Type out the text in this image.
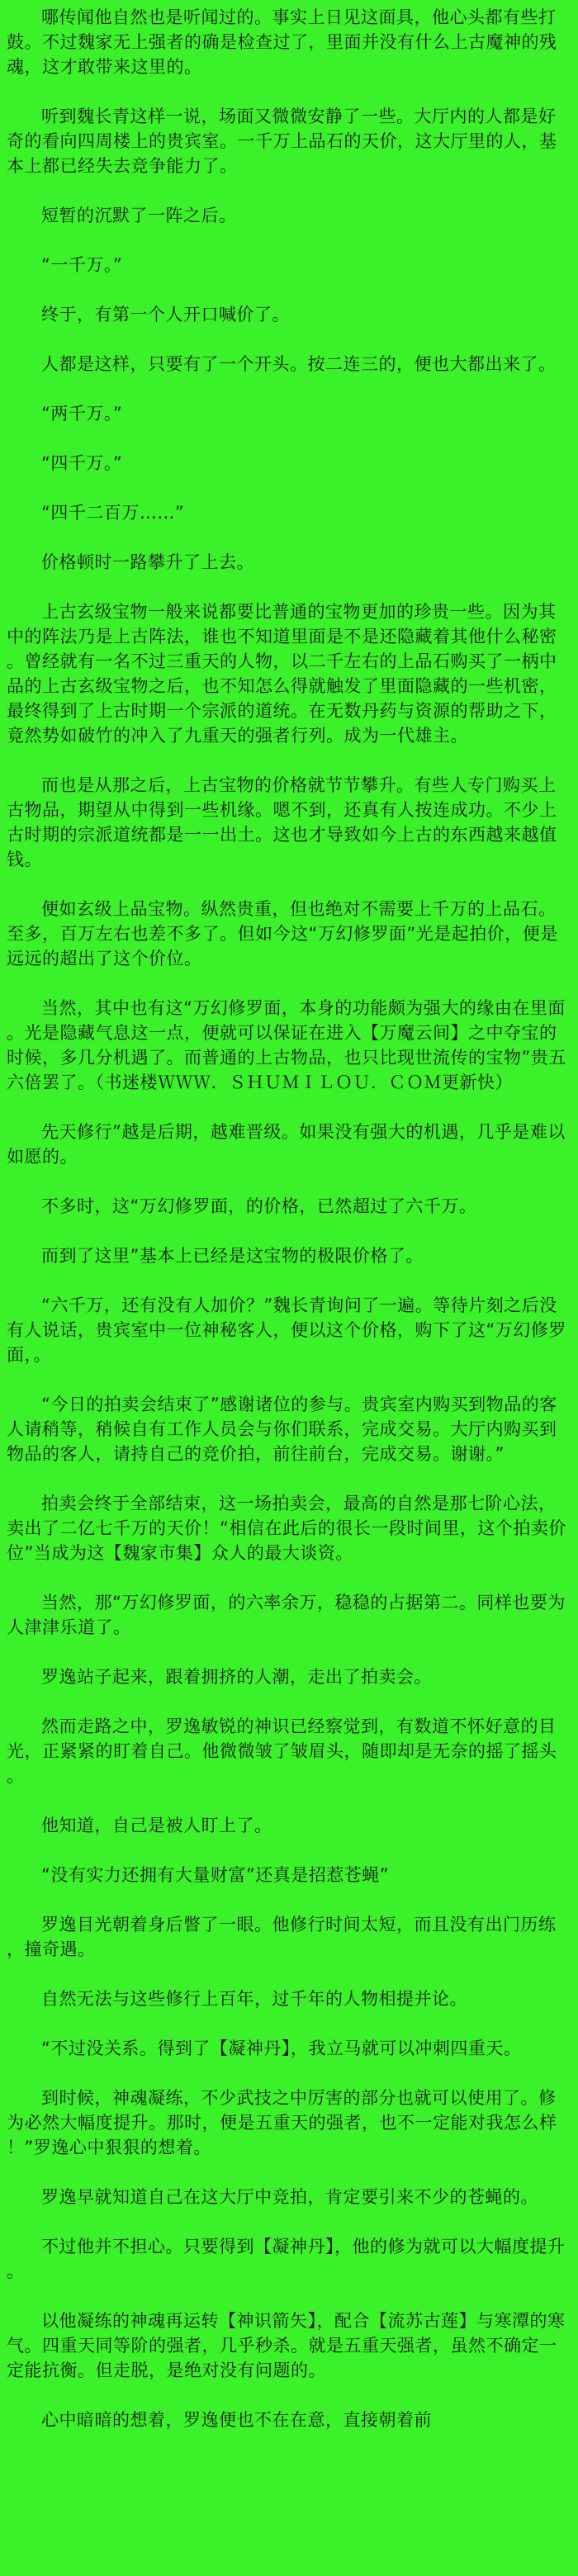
哪传闻他自然也是听闻过的。事实上日见这面具，他心头都有些打鼓。不过魏家无上强者的确是检查过了，里面并没有什么上古魔神的残魂，这才敢带来这里的。

听到魏长青这样一说，场面又微微安静了一些。大厅内的人都是好奇的看向四周楼上的贵宾室。一千万上品石的天价，这大厅里的人，基本上都已经失去竞争能力了。

短暂的沉默了一阵之后。

“一千万。”

终于，有第一个人开口喊价了。

人都是这样，只要有了一个开头。按二连三的，便也大都出来了。

“两千万。”

“四千万。”

“四千二百万……”

价格顿时一路攀升了上去。

上古玄级宝物一般来说都要比普通的宝物更加的珍贵一些。因为其中的阵法乃是上古阵法，谁也不知道里面是不是还隐藏着其他什么秘密。曾经就有一名不过三重天的人物，以二千左右的上品石购买了一柄中品的上古玄级宝物之后，也不知怎么得就触发了里面隐藏的一些机密，最终得到了上古时期一个宗派的道统。在无数丹药与资源的帮助之下，竟然势如破竹的冲入了九重天的强者行列。成为一代雄主。

而也是从那之后，上古宝物的价格就节节攀升。有些人专门购买上古物品，期望从中得到一些机缘。嗯不到，还真有人按连成功。不少上古时期的宗派道统都是一一出土。这也才导致如今上古的东西越来越值钱。

便如玄级上品宝物。纵然贵重，但也绝对不需要上千万的上品石。至多，百万左右也差不多了。但如今这“万幻修罗面”光是起拍价，便是远远的超出了这个价位。

当然，其中也有这“万幻修罗面，本身的功能颇为强大的缘由在里面。光是隐藏气息这一点，便就可以保证在进入【万魔云间】之中夺宝的时候，多几分机遇了。而普通的上古物品，也只比现世流传的宝物”贵五六倍罢了。（书迷楼ＷＷＷ．ＳＨＵＭＩＬＯＵ．ＣＯＭ更新快）

先天修行”越是后期，越难晋级。如果没有强大的机遇，几乎是难以如愿的。

不多时，这“万幻修罗面，的价格，已然超过了六千万。

而到了这里”基本上已经是这宝物的极限价格了。

“六千万，还有没有人加价？”魏长青询问了一遍。等待片刻之后没有人说话，贵宾室中一位神秘客人，便以这个价格，购下了这“万幻修罗面，。

“今日的拍卖会结束了”感谢诸位的参与。贵宾室内购买到物品的客人请稍等，稍候自有工作人员会与你们联系，完成交易。大厅内购买到物品的客人，请持自己的竞价拍，前往前台，完成交易。谢谢。”

拍卖会终于全部结束，这一场拍卖会，最高的自然是那七阶心法，卖出了二亿七千万的天价！“相信在此后的很长一段时间里，这个拍卖价位”当成为这【魏家市集】众人的最大谈资。

当然，那“万幻修罗面，的六率余万，稳稳的占据第二。同样也要为人津津乐道了。

罗逸站子起来，跟着拥挤的人潮，走出了拍卖会。

然而走路之中，罗逸敏锐的神识已经察觉到，有数道不怀好意的目光，正紧紧的盯着自己。他微微皱了皱眉头，随即却是无奈的摇了摇头。

他知道，自己是被人盯上了。

“没有实力还拥有大量财富”还真是招惹苍蝇”

罗逸目光朝着身后瞥了一眼。他修行时间太短，而且没有出门历练，撞奇遇。

自然无法与这些修行上百年，过千年的人物相提并论。

“不过没关系。得到了【凝神丹】，我立马就可以冲刺四重天。

到时候，神魂凝练，不少武技之中厉害的部分也就可以使用了。修为必然大幅度提升。那时，便是五重天的强者，也不一定能对我怎么样！”罗逸心中狠狠的想着。

罗逸早就知道自己在这大厅中竞拍，肯定要引来不少的苍蝇的。

不过他并不担心。只要得到【凝神丹】，他的修为就可以大幅度提升。

以他凝练的神魂再运转【神识箭矢】，配合【流苏古莲】与寒潭的寒气。四重天同等阶的强者，几乎秒杀。就是五重天强者，虽然不确定一定能抗衡。但走脱，是绝对没有问题的。

心中暗暗的想着，罗逸便也不在在意，直接朝着前
